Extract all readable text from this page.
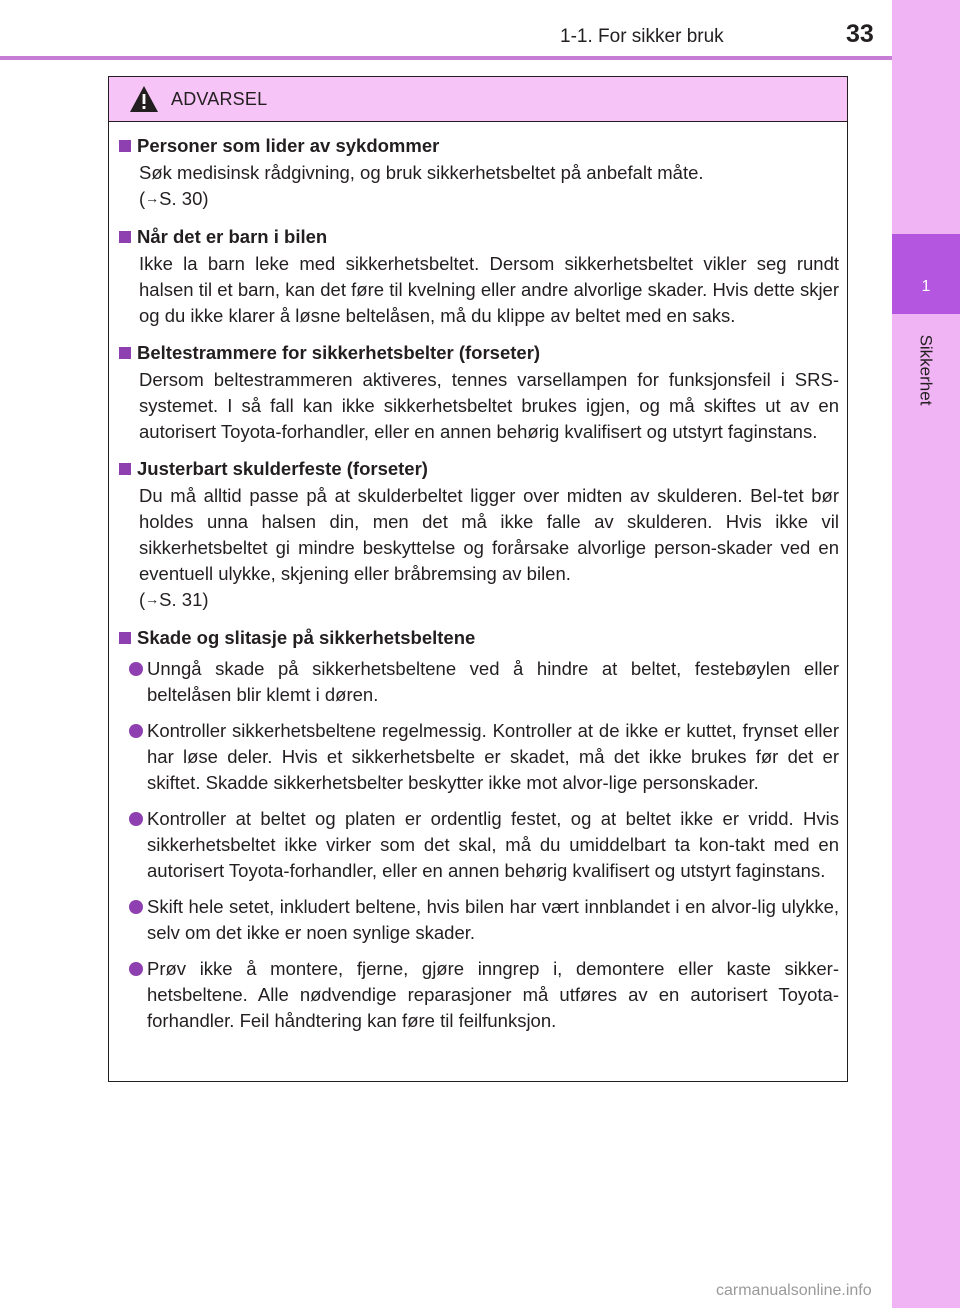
1-1. For sikker bruk	33
1
Sikkerhet
ADVARSEL
Personer som lider av sykdommer

Søk medisinsk rådgivning, og bruk sikkerhetsbeltet på anbefalt måte.
(→S. 30)

Når det er barn i bilen

Ikke la barn leke med sikkerhetsbeltet. Dersom sikkerhetsbeltet vikler seg rundt halsen til et barn, kan det føre til kvelning eller andre alvorlige skader. Hvis dette skjer og du ikke klarer å løsne beltelåsen, må du klippe av beltet med en saks.

Beltestrammere for sikkerhetsbelter (forseter)

Dersom beltestrammeren aktiveres, tennes varsellampen for funksjonsfeil i SRS-systemet. I så fall kan ikke sikkerhetsbeltet brukes igjen, og må skiftes ut av en autorisert Toyota-forhandler, eller en annen behørig kvalifisert og utstyrt faginstans.

Justerbart skulderfeste (forseter)

Du må alltid passe på at skulderbeltet ligger over midten av skulderen. Bel-tet bør holdes unna halsen din, men det må ikke falle av skulderen. Hvis ikke vil sikkerhetsbeltet gi mindre beskyttelse og forårsake alvorlige person-skader ved en eventuell ulykke, skjening eller bråbremsing av bilen.
(→S. 31)

Skade og slitasje på sikkerhetsbeltene
Unngå skade på sikkerhetsbeltene ved å hindre at beltet, festebøylen eller beltelåsen blir klemt i døren.
Kontroller sikkerhetsbeltene regelmessig. Kontroller at de ikke er kuttet, frynset eller har løse deler. Hvis et sikkerhetsbelte er skadet, må det ikke brukes før det er skiftet. Skadde sikkerhetsbelter beskytter ikke mot alvor-lige personskader.
Kontroller at beltet og platen er ordentlig festet, og at beltet ikke er vridd. Hvis sikkerhetsbeltet ikke virker som det skal, må du umiddelbart ta kon-takt med en autorisert Toyota-forhandler, eller en annen behørig kvalifisert og utstyrt faginstans.
Skift hele setet, inkludert beltene, hvis bilen har vært innblandet i en alvor-lig ulykke, selv om det ikke er noen synlige skader.
Prøv ikke å montere, fjerne, gjøre inngrep i, demontere eller kaste sikker-hetsbeltene. Alle nødvendige reparasjoner må utføres av en autorisert Toyota-forhandler. Feil håndtering kan føre til feilfunksjon.
carmanualsonline.info
